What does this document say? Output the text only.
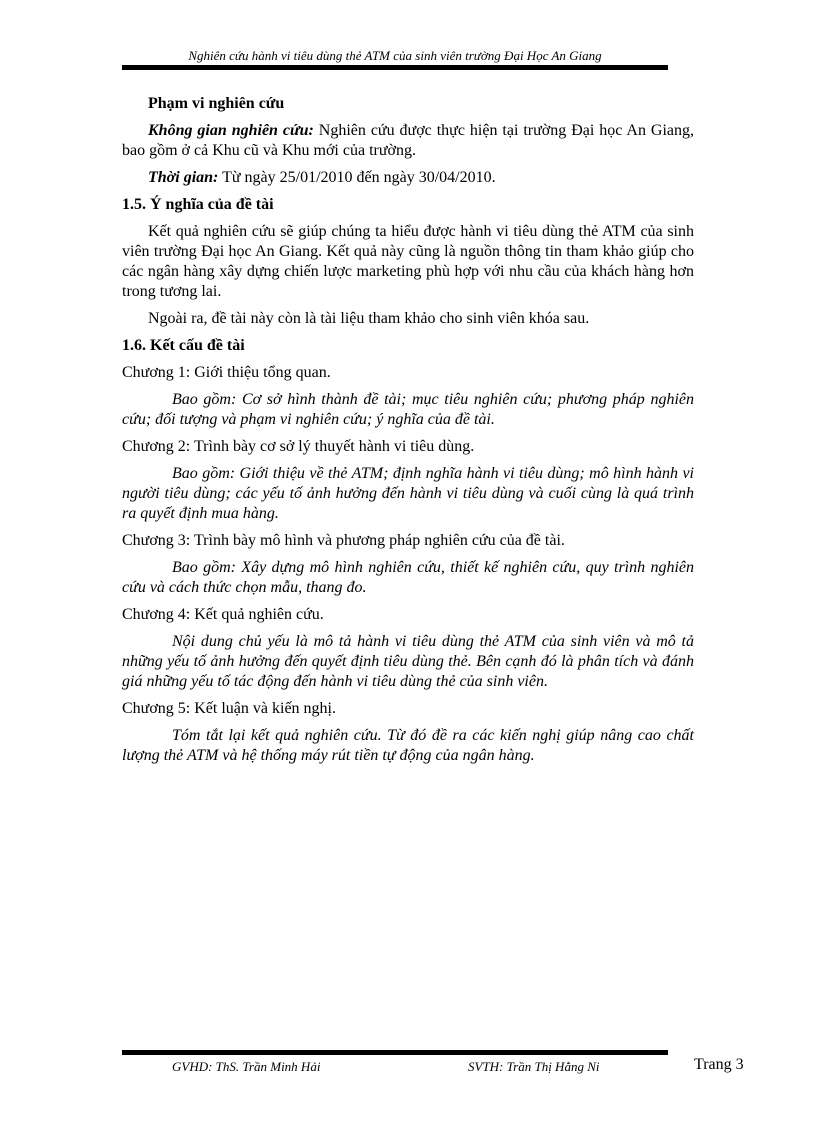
Nghiên cứu hành vi tiêu dùng thẻ ATM của sinh viên trường Đại Học An Giang

Phạm vi nghiên cứu

Không gian nghiên cứu: Nghiên cứu được thực hiện tại trường Đại học An Giang, bao gồm ở cả Khu cũ và Khu mới của trường.

Thời gian: Từ ngày 25/01/2010 đến ngày 30/04/2010.

1.5. Ý nghĩa của đề tài

Kết quả nghiên cứu sẽ giúp chúng ta hiểu được hành vi tiêu dùng thẻ ATM của sinh viên trường Đại học An Giang. Kết quả này cũng là nguồn thông tin tham khảo giúp cho các ngân hàng xây dựng chiến lược marketing phù hợp với nhu cầu của khách hàng hơn trong tương lai.

Ngoài ra, đề tài này còn là tài liệu tham khảo cho sinh viên khóa sau.

1.6. Kết cấu đề tài

Chương 1: Giới thiệu tổng quan.

Bao gồm: Cơ sở hình thành đề tài; mục tiêu nghiên cứu; phương pháp nghiên cứu; đối tượng và phạm vi nghiên cứu; ý nghĩa của đề tài.

Chương 2: Trình bày cơ sở lý thuyết hành vi tiêu dùng.

Bao gồm: Giới thiệu về thẻ ATM; định nghĩa hành vi tiêu dùng; mô hình hành vi người tiêu dùng; các yếu tố ảnh hưởng đến hành vi tiêu dùng và cuối cùng là quá trình ra quyết định mua hàng.

Chương 3: Trình bày mô hình và phương pháp nghiên cứu của đề tài.

Bao gồm: Xây dựng mô hình nghiên cứu, thiết kế nghiên cứu, quy trình nghiên cứu và cách thức chọn mẫu, thang đo.

Chương 4: Kết quả nghiên cứu.

Nội dung chủ yếu là mô tả hành vi tiêu dùng thẻ ATM của sinh viên và mô tả những yếu tố ảnh hưởng đến quyết định tiêu dùng thẻ. Bên cạnh đó là phân tích và đánh giá những yếu tố tác động đến hành vi tiêu dùng thẻ của sinh viên.

Chương 5: Kết luận và kiến nghị.

Tóm tắt lại kết quả nghiên cứu. Từ đó đề ra các kiến nghị giúp nâng cao chất lượng thẻ ATM và hệ thống máy rút tiền tự động của ngân hàng.

GVHD: ThS. Trần Minh Hải	SVTH: Trần Thị Hằng Ni	Trang 3
